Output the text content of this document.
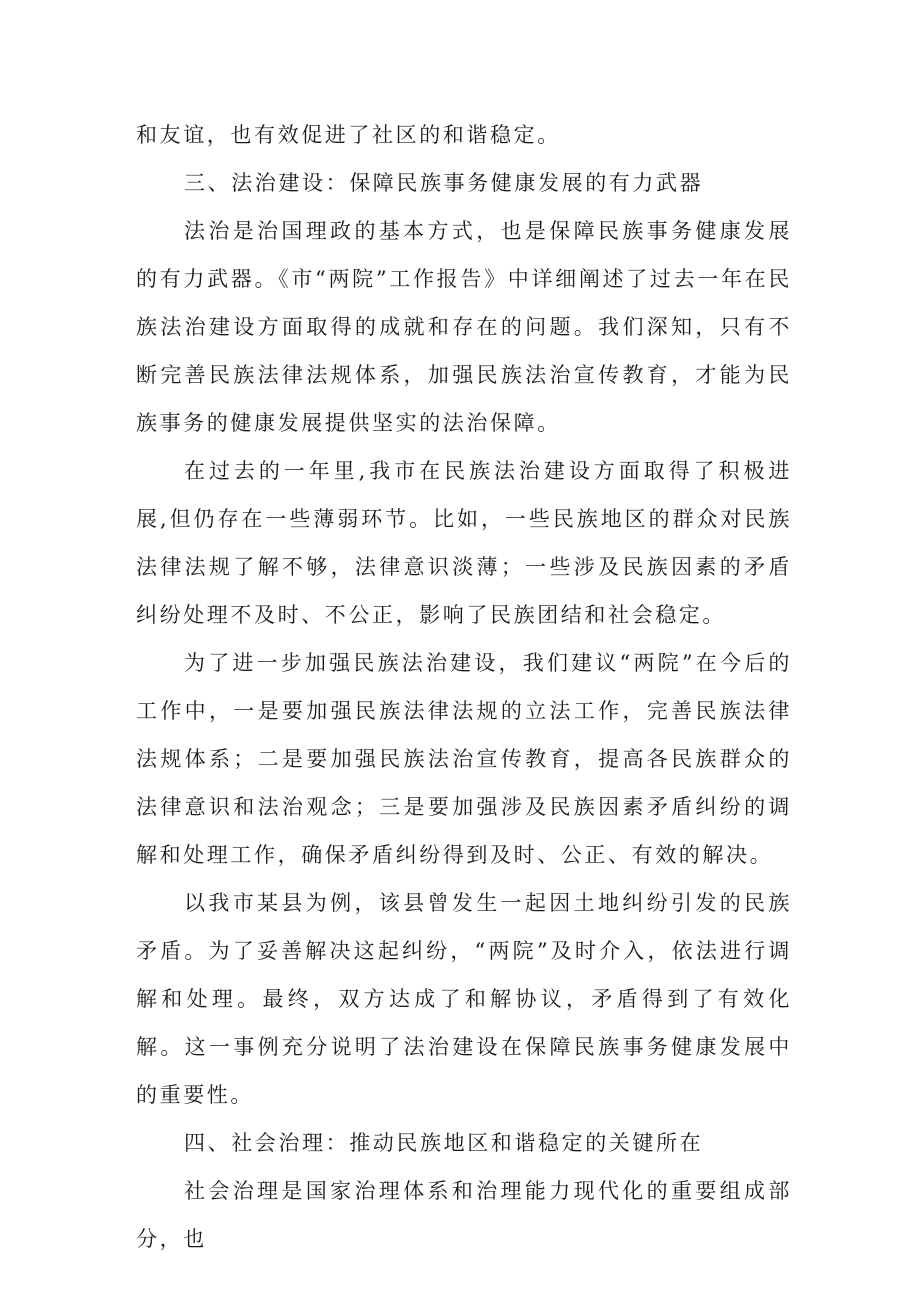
和友谊，也有效促进了社区的和谐稳定。

三、法治建设：保障民族事务健康发展的有力武器

法治是治国理政的基本方式，也是保障民族事务健康发展的有力武器。《市“两院”工作报告》中详细阐述了过去一年在民族法治建设方面取得的成就和存在的问题。我们深知，只有不断完善民族法律法规体系，加强民族法治宣传教育，才能为民族事务的健康发展提供坚实的法治保障。

在过去的一年里,我市在民族法治建设方面取得了积极进展,但仍存在一些薄弱环节。比如，一些民族地区的群众对民族法律法规了解不够，法律意识淡薄；一些涉及民族因素的矛盾纠纷处理不及时、不公正，影响了民族团结和社会稳定。

为了进一步加强民族法治建设，我们建议“两院”在今后的工作中，一是要加强民族法律法规的立法工作，完善民族法律法规体系；二是要加强民族法治宣传教育，提高各民族群众的法律意识和法治观念；三是要加强涉及民族因素矛盾纠纷的调解和处理工作，确保矛盾纠纷得到及时、公正、有效的解决。

以我市某县为例，该县曾发生一起因土地纠纷引发的民族矛盾。为了妥善解决这起纠纷，“两院”及时介入，依法进行调解和处理。最终，双方达成了和解协议，矛盾得到了有效化解。这一事例充分说明了法治建设在保障民族事务健康发展中的重要性。

四、社会治理：推动民族地区和谐稳定的关键所在

社会治理是国家治理体系和治理能力现代化的重要组成部分，也
